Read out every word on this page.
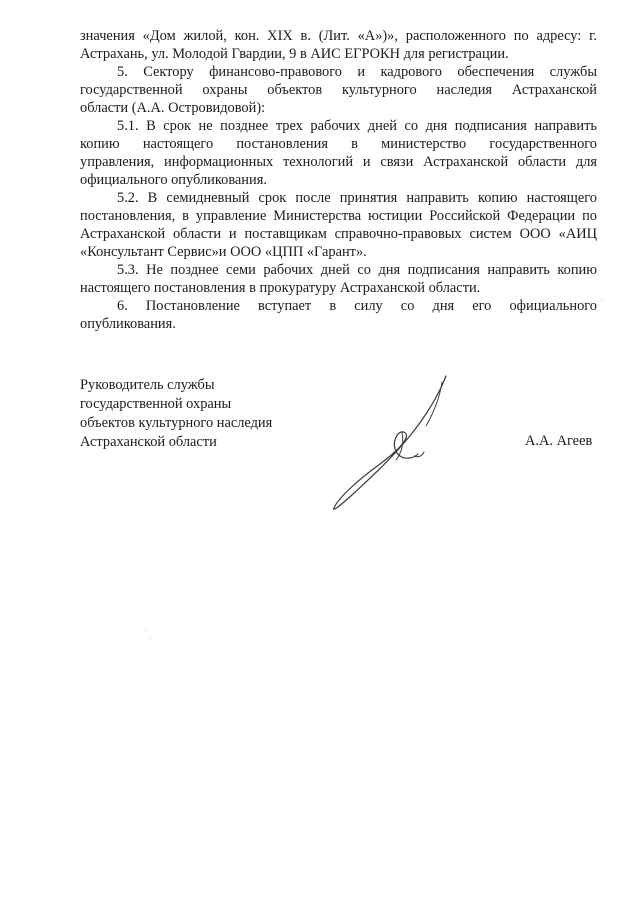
значения «Дом жилой, кон. XIX в. (Лит. «А»)», расположенного по адресу: г.
Астрахань, ул. Молодой Гвардии, 9 в АИС ЕГРОКН для регистрации.
5. Сектору финансово-правового и кадрового обеспечения службы
государственной охраны объектов культурного наследия Астраханской
области (А.А. Островидовой):
5.1. В срок не позднее трех рабочих дней со дня подписания направить
копию настоящего постановления в министерство государственного
управления, информационных технологий и связи Астраханской области для
официального опубликования.
5.2. В семидневный срок после принятия направить копию настоящего
постановления, в управление Министерства юстиции Российской Федерации по
Астраханской области и поставщикам справочно-правовых систем ООО «АИЦ
«Консультант Сервис»и ООО «ЦПП «Гарант».
5.3. Не позднее семи рабочих дней со дня подписания направить копию
настоящего постановления в прокуратуру Астраханской области.
6. Постановление вступает в силу со дня его официального
опубликования.
Руководитель службы
государственной охраны
объектов культурного наследия
Астраханской области	А.А. Агеев
